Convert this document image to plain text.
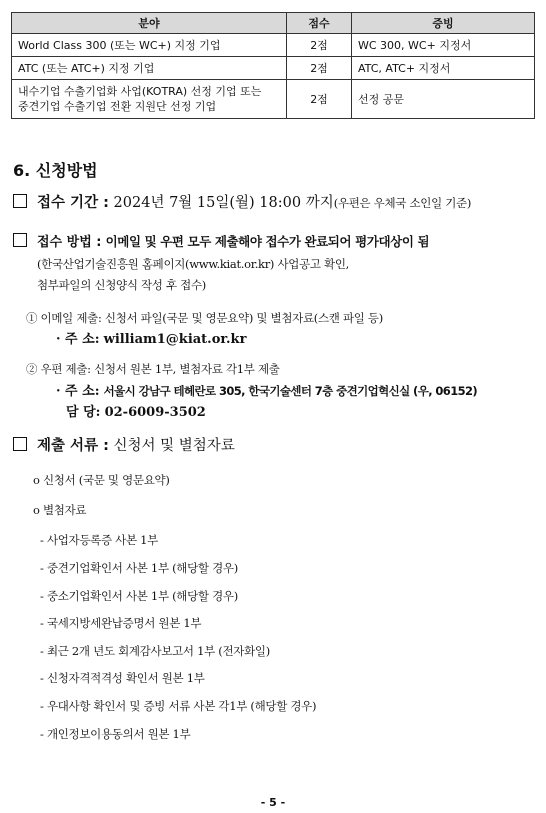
분야	점수	증빙
World Class 300 (또는 WC+) 지정 기업	2점	WC 300, WC+ 지정서
ATC (또는 ATC+) 지정 기업	2점	ATC, ATC+ 지정서

내수기업 수출기업화 사업(KOTRA) 선정 기업 또는
중견기업 수출기업 전환 지원단 선정 기업	2점	선정 공문
6. 신청방법
접수 기간 : 2024년 7월 15일(월) 18:00 까지(우편은 우체국 소인일 기준)
접수 방법 : 이메일 및 우편 모두 제출해야 접수가 완료되어 평가대상이 됨
(한국산업기술진흥원 홈페이지(www.kiat.or.kr) 사업공고 확인,
첨부파일의 신청양식 작성 후 접수)
① 이메일 제출: 신청서 파일(국문 및 영문요약) 및 별첨자료(스캔 파일 등)
· 주 소: william1@kiat.or.kr
② 우편 제출: 신청서 원본 1부, 별첨자료 각1부 제출
· 주 소: 서울시 강남구 테헤란로 305, 한국기술센터 7층 중견기업혁신실 (우, 06152)
담 당: 02-6009-3502
제출 서류 : 신청서 및 별첨자료
o 신청서 (국문 및 영문요약)
o 별첨자료
- 사업자등록증 사본 1부
- 중견기업확인서 사본 1부 (해당할 경우)
- 중소기업확인서 사본 1부 (해당할 경우)
- 국세지방세완납증명서 원본 1부
- 최근 2개 년도 회계감사보고서 1부 (전자화일)
- 신청자격적격성 확인서 원본 1부
- 우대사항 확인서 및 증빙 서류 사본 각1부 (해당할 경우)
- 개인정보이용동의서 원본 1부
- 5 -
